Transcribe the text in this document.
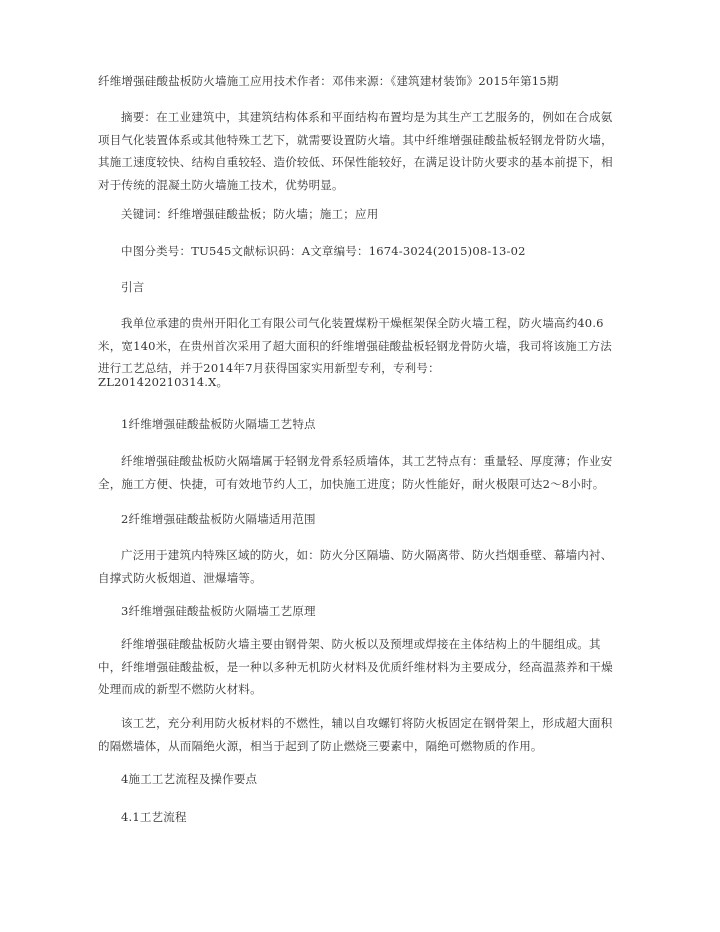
纤维增强硅酸盐板防火墙施工应用技术作者：邓伟来源：《建筑建材装饰》2015年第15期

摘要：在工业建筑中，其建筑结构体系和平面结构布置均是为其生产工艺服务的，例如在合成氨项目气化装置体系或其他特殊工艺下，就需要设置防火墙。其中纤维增强硅酸盐板轻钢龙骨防火墙，其施工速度较快、结构自重较轻、造价较低、环保性能较好，在满足设计防火要求的基本前提下，相对于传统的混凝土防火墙施工技术，优势明显。

关键词：纤维增强硅酸盐板；防火墙；施工；应用

中图分类号：TU545文献标识码：A文章编号：1674-3024(2015)08-13-02

引言

我单位承建的贵州开阳化工有限公司气化装置煤粉干燥框架保全防火墙工程，防火墙高约40.6米，宽140米，在贵州首次采用了超大面积的纤维增强硅酸盐板轻钢龙骨防火墙，我司将该施工方法进行工艺总结，并于2014年7月获得国家实用新型专利，专利号：

ZL201420210314.X。

1纤维增强硅酸盐板防火隔墙工艺特点

纤维增强硅酸盐板防火隔墙属于轻钢龙骨系轻质墙体，其工艺特点有：重量轻、厚度薄；作业安全，施工方便、快捷，可有效地节约人工，加快施工进度；防火性能好，耐火极限可达2～8小时。

2纤维增强硅酸盐板防火隔墙适用范围

广泛用于建筑内特殊区域的防火，如：防火分区隔墙、防火隔离带、防火挡烟垂壁、幕墙内衬、自撑式防火板烟道、泄爆墙等。

3纤维增强硅酸盐板防火隔墙工艺原理

纤维增强硅酸盐板防火墙主要由钢骨架、防火板以及预埋或焊接在主体结构上的牛腿组成。其中，纤维增强硅酸盐板，是一种以多种无机防火材料及优质纤维材料为主要成分，经高温蒸养和干燥处理而成的新型不燃防火材料。

该工艺，充分利用防火板材料的不燃性，辅以自攻螺钉将防火板固定在钢骨架上，形成超大面积的隔燃墙体，从而隔绝火源，相当于起到了防止燃烧三要素中，隔绝可燃物质的作用。

4施工工艺流程及操作要点

4.1工艺流程
